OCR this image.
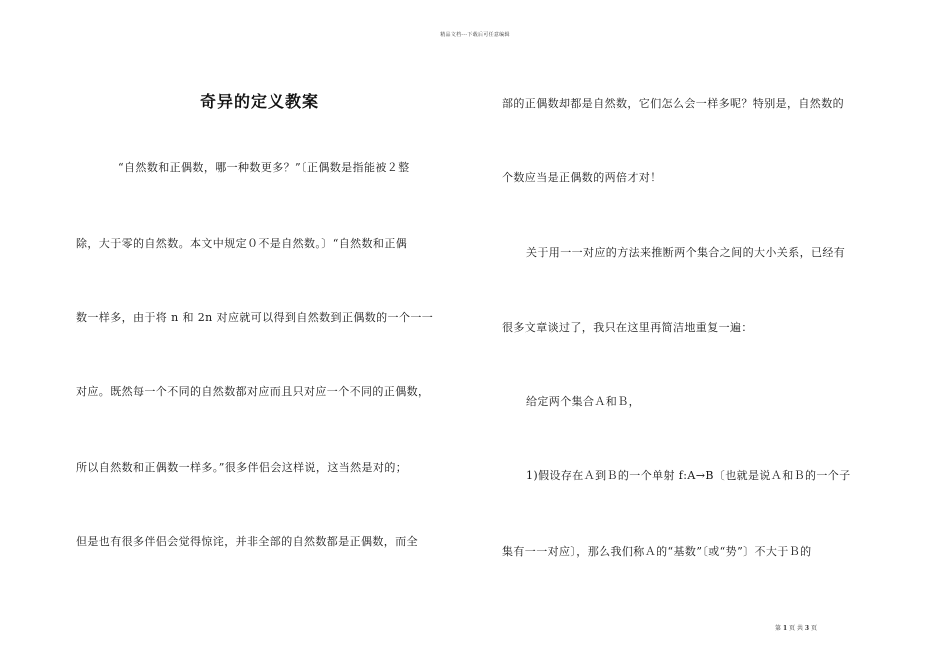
精品文档---下载后可任意编辑
奇异的定义教案
“自然数和正偶数，哪一种数更多？”〔正偶数是指能被２整
除，大于零的自然数。本文中规定０不是自然数。〕“自然数和正偶
数一样多，由于将 n 和 2n 对应就可以得到自然数到正偶数的一个一一
对应。既然每一个不同的自然数都对应而且只对应一个不同的正偶数，
所以自然数和正偶数一样多。”很多伴侣会这样说，这当然是对的；
但是也有很多伴侣会觉得惊诧，并非全部的自然数都是正偶数，而全
部的正偶数却都是自然数，它们怎么会一样多呢？特别是，自然数的
个数应当是正偶数的两倍才对！
关于用一一对应的方法来推断两个集合之间的大小关系，已经有
很多文章谈过了，我只在这里再简洁地重复一遍：
给定两个集合Ａ和Ｂ，
1)假设存在Ａ到Ｂ的一个单射 f:A→B〔也就是说Ａ和Ｂ的一个子
集有一一对应〕，那么我们称Ａ的“基数”〔或“势”〕不大于Ｂ的
第 1 页 共 3 页
